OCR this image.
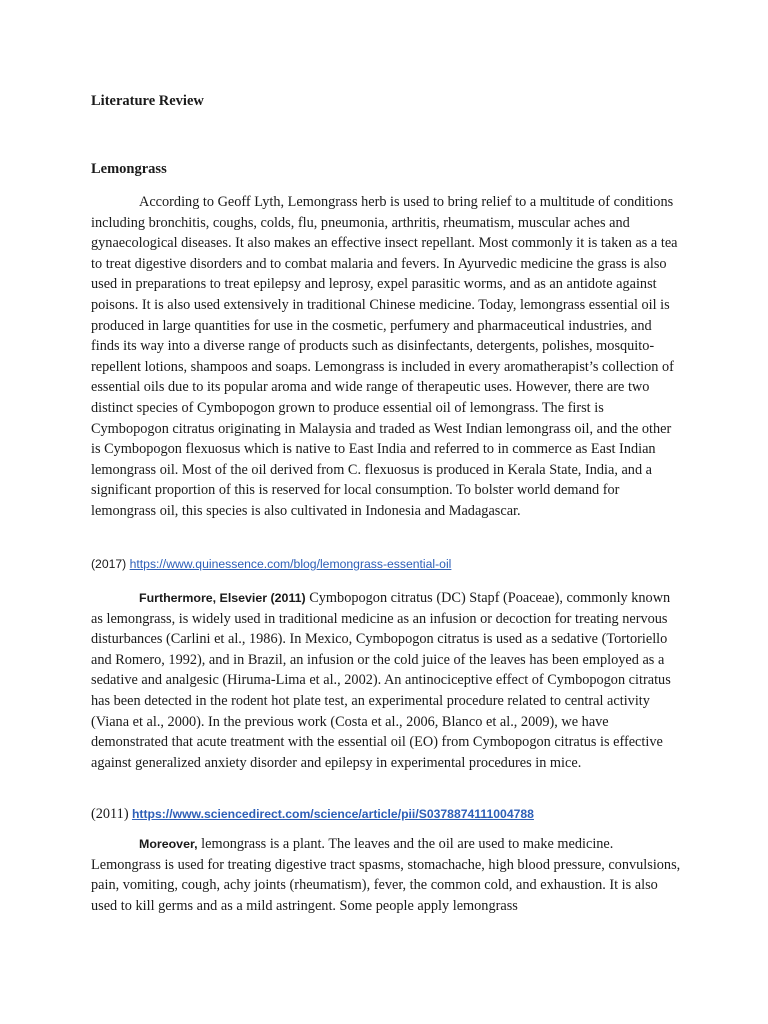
Literature Review
Lemongrass

According to Geoff Lyth, Lemongrass herb is used to bring relief to a multitude of conditions including bronchitis, coughs, colds, flu, pneumonia, arthritis, rheumatism, muscular aches and gynaecological diseases. It also makes an effective insect repellant. Most commonly it is taken as a tea to treat digestive disorders and to combat malaria and fevers. In Ayurvedic medicine the grass is also used in preparations to treat epilepsy and leprosy, expel parasitic worms, and as an antidote against poisons. It is also used extensively in traditional Chinese medicine. Today, lemongrass essential oil is produced in large quantities for use in the cosmetic, perfumery and pharmaceutical industries, and finds its way into a diverse range of products such as disinfectants, detergents, polishes, mosquito-repellent lotions, shampoos and soaps. Lemongrass is included in every aromatherapist’s collection of essential oils due to its popular aroma and wide range of therapeutic uses. However, there are two distinct species of Cymbopogon grown to produce essential oil of lemongrass. The first is Cymbopogon citratus originating in Malaysia and traded as West Indian lemongrass oil, and the other is Cymbopogon flexuosus which is native to East India and referred to in commerce as East Indian lemongrass oil. Most of the oil derived from C. flexuosus is produced in Kerala State, India, and a significant proportion of this is reserved for local consumption. To bolster world demand for lemongrass oil, this species is also cultivated in Indonesia and Madagascar.

(2017) https://www.quinessence.com/blog/lemongrass-essential-oil

Furthermore, Elsevier (2011) Cymbopogon citratus (DC) Stapf (Poaceae), commonly known as lemongrass, is widely used in traditional medicine as an infusion or decoction for treating nervous disturbances (Carlini et al., 1986). In Mexico, Cymbopogon citratus is used as a sedative (Tortoriello and Romero, 1992), and in Brazil, an infusion or the cold juice of the leaves has been employed as a sedative and analgesic (Hiruma-Lima et al., 2002). An antinociceptive effect of Cymbopogon citratus has been detected in the rodent hot plate test, an experimental procedure related to central activity (Viana et al., 2000). In the previous work (Costa et al., 2006, Blanco et al., 2009), we have demonstrated that acute treatment with the essential oil (EO) from Cymbopogon citratus is effective against generalized anxiety disorder and epilepsy in experimental procedures in mice.

(2011) https://www.sciencedirect.com/science/article/pii/S0378874111004788

Moreover, lemongrass is a plant. The leaves and the oil are used to make medicine. Lemongrass is used for treating digestive tract spasms, stomachache, high blood pressure, convulsions, pain, vomiting, cough, achy joints (rheumatism), fever, the common cold, and exhaustion. It is also used to kill germs and as a mild astringent. Some people apply lemongrass
